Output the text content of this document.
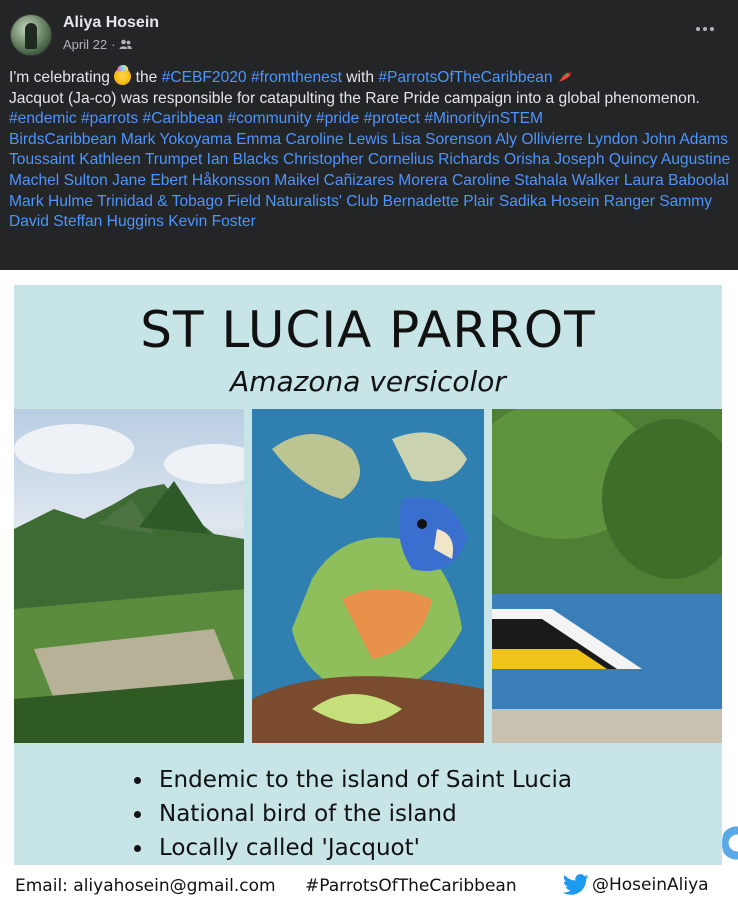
Aliya Hosein
April 22 ·
I'm celebrating the #CEBF2020 #fromthenest with #ParrotsOfTheCaribbean
Jacquot (Ja-co) was responsible for catapulting the Rare Pride campaign into a global phenomenon.
#endemic #parrots #Caribbean #community #pride #protect #MinorityinSTEM
BirdsCaribbean Mark Yokoyama Emma Caroline Lewis Lisa Sorenson Aly Ollivierre Lyndon John Adams Toussaint Kathleen Trumpet Ian Blacks Christopher Cornelius Richards Orisha Joseph Quincy Augustine Machel Sulton Jane Ebert Håkonsson Maikel Cañizares Morera Caroline Stahala Walker Laura Baboolal Mark Hulme Trinidad & Tobago Field Naturalists' Club Bernadette Plair Sadika Hosein Ranger Sammy David Steffan Huggins Kevin Foster
ST LUCIA PARROT
Amazona versicolor
Endemic to the island of Saint Lucia
National bird of the island
Locally called 'Jacquot'
Email: aliyahosein@gmail.com #ParrotsOfTheCaribbean	@HoseinAliya
